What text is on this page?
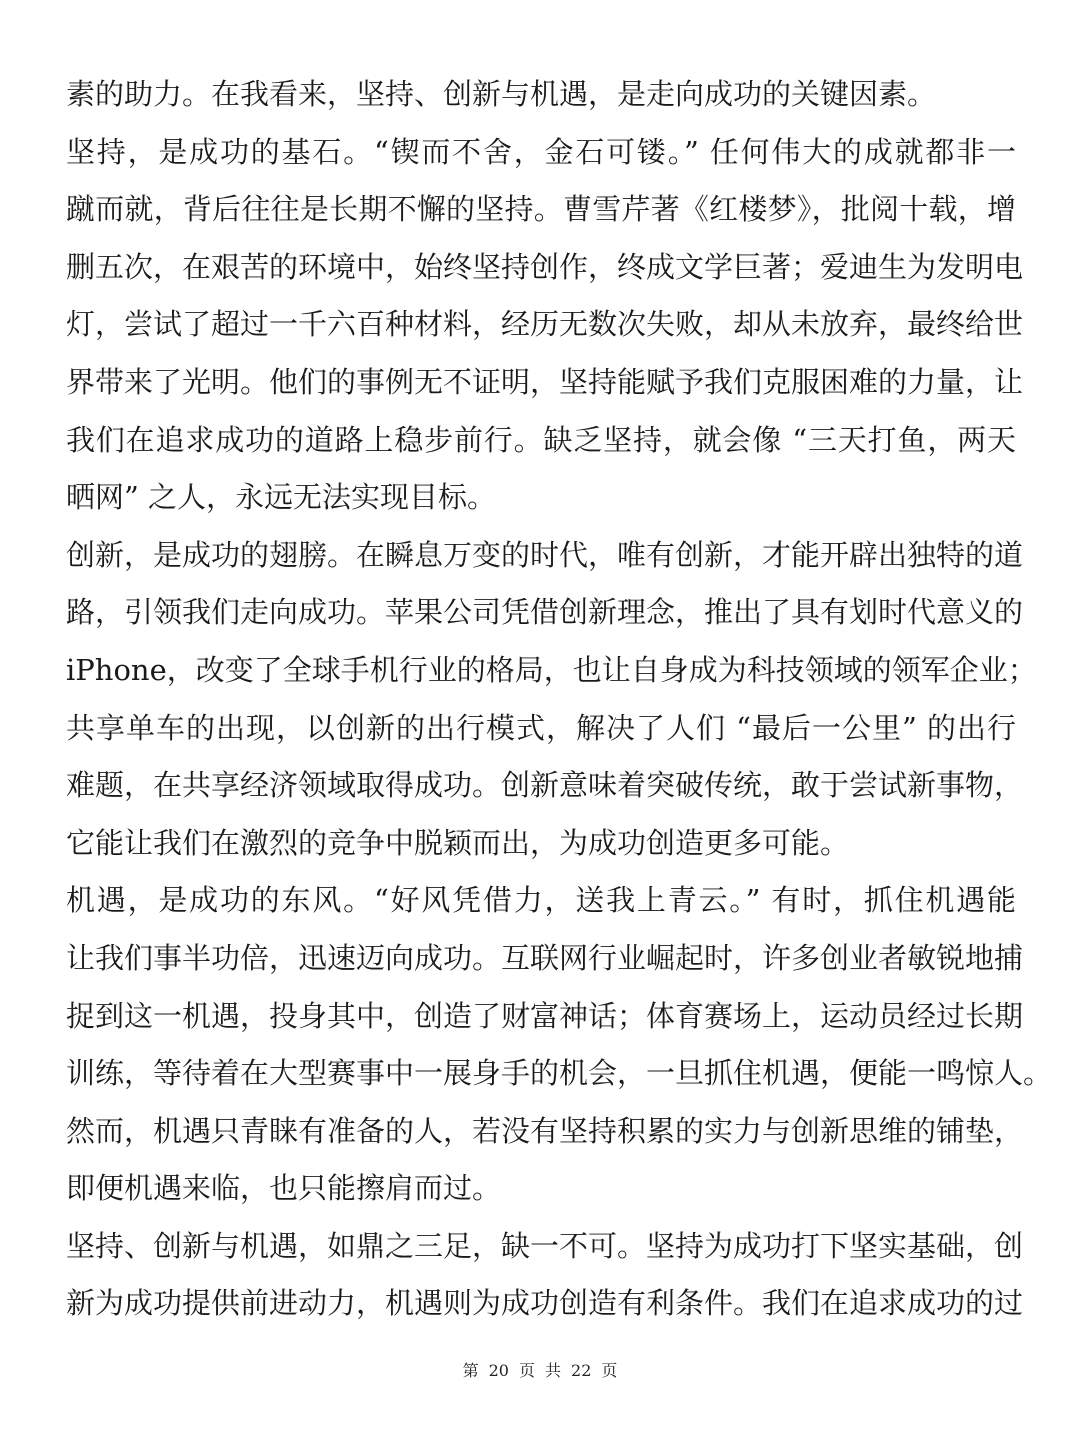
素的助力。在我看来，坚持、创新与机遇，是走向成功的关键因素。
坚持，是成功的基石。“锲而不舍，金石可镂。” 任何伟大的成就都非一
蹴而就，背后往往是长期不懈的坚持。曹雪芹著《红楼梦》，批阅十载，增
删五次，在艰苦的环境中，始终坚持创作，终成文学巨著；爱迪生为发明电
灯，尝试了超过一千六百种材料，经历无数次失败，却从未放弃，最终给世
界带来了光明。他们的事例无不证明，坚持能赋予我们克服困难的力量，让
我们在追求成功的道路上稳步前行。缺乏坚持，就会像 “三天打鱼，两天
晒网” 之人，永远无法实现目标。
创新，是成功的翅膀。在瞬息万变的时代，唯有创新，才能开辟出独特的道
路，引领我们走向成功。苹果公司凭借创新理念，推出了具有划时代意义的
iPhone，改变了全球手机行业的格局，也让自身成为科技领域的领军企业；
共享单车的出现，以创新的出行模式，解决了人们 “最后一公里” 的出行
难题，在共享经济领域取得成功。创新意味着突破传统，敢于尝试新事物，
它能让我们在激烈的竞争中脱颖而出，为成功创造更多可能。
机遇，是成功的东风。“好风凭借力，送我上青云。” 有时，抓住机遇能
让我们事半功倍，迅速迈向成功。互联网行业崛起时，许多创业者敏锐地捕
捉到这一机遇，投身其中，创造了财富神话；体育赛场上，运动员经过长期
训练，等待着在大型赛事中一展身手的机会，一旦抓住机遇，便能一鸣惊人。
然而，机遇只青睐有准备的人，若没有坚持积累的实力与创新思维的铺垫，
即便机遇来临，也只能擦肩而过。
坚持、创新与机遇，如鼎之三足，缺一不可。坚持为成功打下坚实基础，创
新为成功提供前进动力，机遇则为成功创造有利条件。我们在追求成功的过
第 20 页 共 22 页
